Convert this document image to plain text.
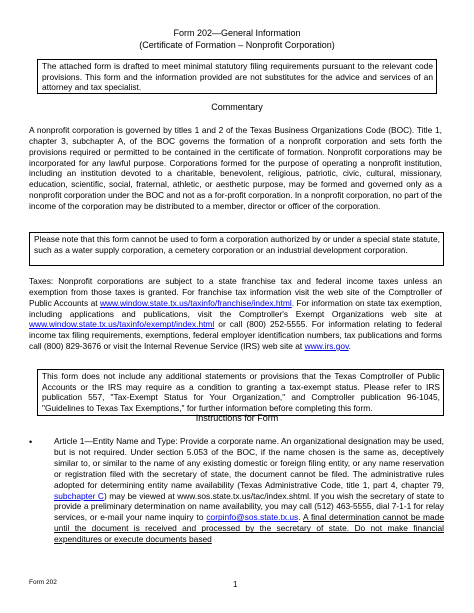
Form 202—General Information
(Certificate of Formation – Nonprofit Corporation)
The attached form is drafted to meet minimal statutory filing requirements pursuant to the relevant code provisions. This form and the information provided are not substitutes for the advice and services of an attorney and tax specialist.
Commentary
A nonprofit corporation is governed by titles 1 and 2 of the Texas Business Organizations Code (BOC). Title 1, chapter 3, subchapter A, of the BOC governs the formation of a nonprofit corporation and sets forth the provisions required or permitted to be contained in the certificate of formation. Nonprofit corporations may be incorporated for any lawful purpose. Corporations formed for the purpose of operating a nonprofit institution, including an institution devoted to a charitable, benevolent, religious, patriotic, civic, cultural, missionary, education, scientific, social, fraternal, athletic, or aesthetic purpose, may be formed and governed only as a nonprofit corporation under the BOC and not as a for-profit corporation. In a nonprofit corporation, no part of the income of the corporation may be distributed to a member, director or officer of the corporation.
Please note that this form cannot be used to form a corporation authorized by or under a special state statute, such as a water supply corporation, a cemetery corporation or an industrial development corporation.
Taxes: Nonprofit corporations are subject to a state franchise tax and federal income taxes unless an exemption from those taxes is granted. For franchise tax information visit the web site of the Comptroller of Public Accounts at www.window.state.tx.us/taxinfo/franchise/index.html. For information on state tax exemption, including applications and publications, visit the Comptroller's Exempt Organizations web site at www.window.state.tx.us/taxinfo/exempt/index.html or call (800) 252-5555. For information relating to federal income tax filing requirements, exemptions, federal employer identification numbers, tax publications and forms call (800) 829-3676 or visit the Internal Revenue Service (IRS) web site at www.irs.gov.
This form does not include any additional statements or provisions that the Texas Comptroller of Public Accounts or the IRS may require as a condition to granting a tax-exempt status. Please refer to IRS publication 557, "Tax-Exempt Status for Your Organization," and Comptroller publication 96-1045, "Guidelines to Texas Tax Exemptions," for further information before completing this form.
Instructions for Form
•	Article 1—Entity Name and Type: Provide a corporate name. An organizational designation may be used, but is not required. Under section 5.053 of the BOC, if the name chosen is the same as, deceptively similar to, or similar to the name of any existing domestic or foreign filing entity, or any name reservation or registration filed with the secretary of state, the document cannot be filed. The administrative rules adopted for determining entity name availability (Texas Administrative Code, title 1, part 4, chapter 79, subchapter C) may be viewed at www.sos.state.tx.us/tac/index.shtml. If you wish the secretary of state to provide a preliminary determination on name availability, you may call (512) 463-5555, dial 7-1-1 for relay services, or e-mail your name inquiry to corpinfo@sos.state.tx.us. A final determination cannot be made until the document is received and processed by the secretary of state. Do not make financial expenditures or execute documents based
Form 202	1
